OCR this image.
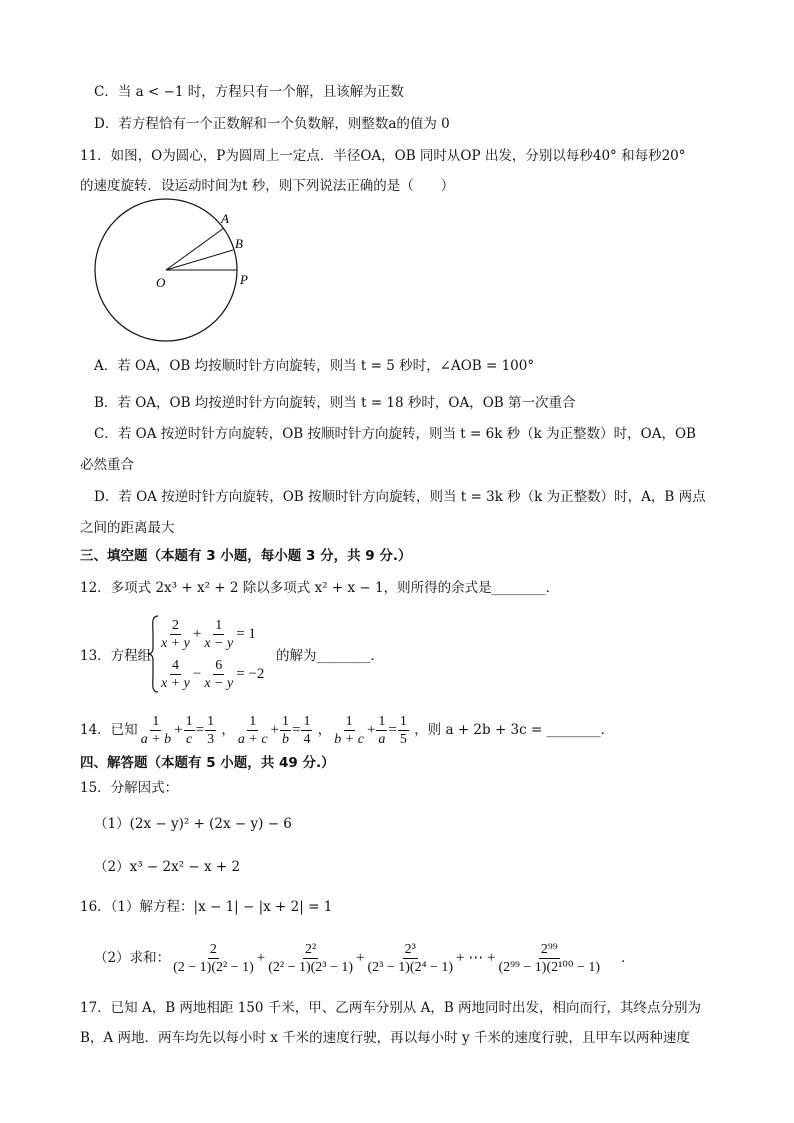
C．当 a < −1 时，方程只有一个解，且该解为正数
D．若方程恰有一个正数解和一个负数解，则整数a的值为 0
11．如图，O为圆心，P为圆周上一定点．半径OA，OB 同时从OP 出发，分别以每秒40° 和每秒20°
的速度旋转．设运动时间为t 秒，则下列说法正确的是（　　）
A
B
O	P
A．若 OA，OB 均按顺时针方向旋转，则当 t = 5 秒时，∠AOB = 100°
B．若 OA，OB 均按逆时针方向旋转，则当 t = 18 秒时，OA，OB 第一次重合
C．若 OA 按逆时针方向旋转，OB 按顺时针方向旋转，则当 t = 6k 秒（k 为正整数）时，OA，OB
必然重合
D．若 OA 按逆时针方向旋转，OB 按顺时针方向旋转，则当 t = 3k 秒（k 为正整数）时，A，B 两点
之间的距离最大
三、填空题（本题有 3 小题，每小题 3 分，共 9 分.）
12．多项式 2x³ + x² + 2 除以多项式 x² + x − 1，则所得的余式是________．
13．方程组
$\frac{2}{x + y} + \frac{1}{x - y} = 1$
$\frac{4}{x + y} - \frac{6}{x - y} = -2$
的解为________．
14．已知 $\frac{1}{a + b} + \frac{1}{c} = \frac{1}{3}$ ， $\frac{1}{a + c} + \frac{1}{b} = \frac{1}{4}$ ， $\frac{1}{b + c} + \frac{1}{a} = \frac{1}{5}$ ，则 a + 2b + 3c = ________．
四、解答题（本题有 5 小题，共 49 分.）
15．分解因式：
（1）(2x − y)² + (2x − y) − 6
（2）x³ − 2x² − x + 2
16．（1）解方程：|x − 1| − |x + 2| = 1
（2）求和： $\frac{2}{\text{(2 − 1)(2² − 1)}} + \frac{\text{2²}}{\text{(2² − 1)(2³ − 1)}} + \frac{\text{2³}}{\text{(2³ − 1)(2⁴ − 1)}}$ + ⋯ + $\frac{\text{2⁹⁹}}{\text{(2⁹⁹ − 1)(2¹⁰⁰ − 1)}}$ ．
17．已知 A，B 两地相距 150 千米，甲、乙两车分别从 A，B 两地同时出发，相向而行，其终点分别为
B，A 两地．两车均先以每小时 x 千米的速度行驶，再以每小时 y 千米的速度行驶，且甲车以两种速度
